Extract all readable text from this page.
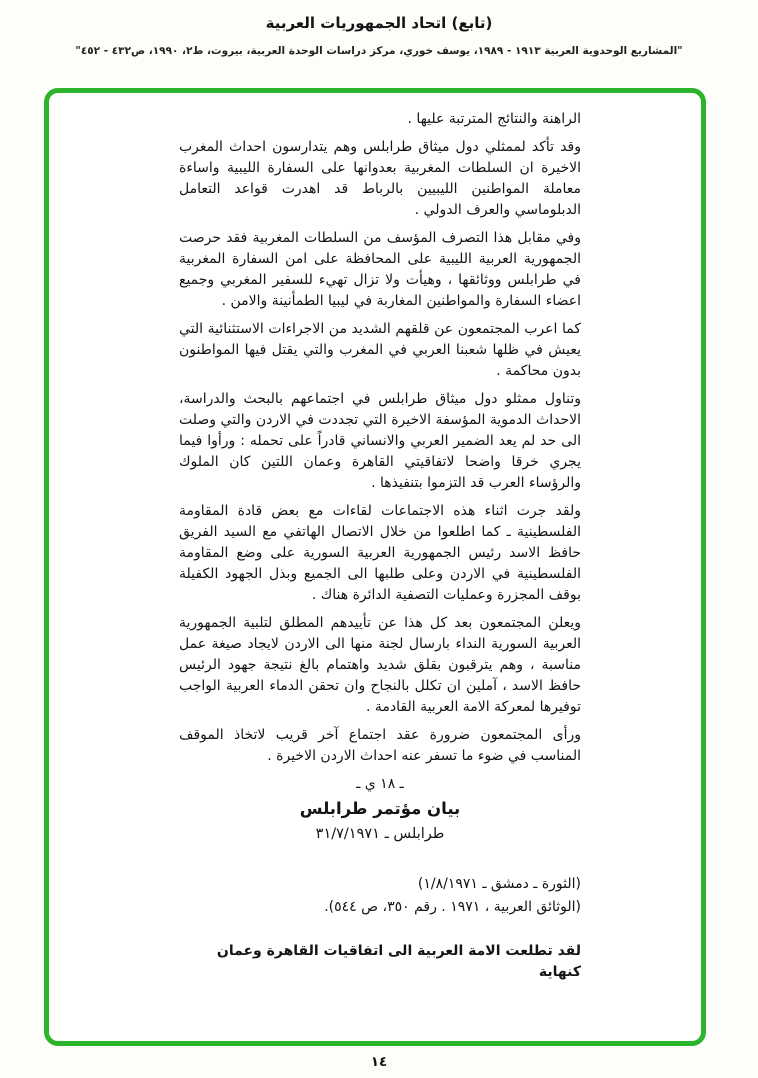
(تابع) اتحاد الجمهوريات العربية
"المشاريع الوحدوية العربية ١٩١٣ - ١٩٨٩، يوسف خوري، مركز دراسات الوحدة العربية، بيروت، ط٢، ١٩٩٠، ص٤٣٢ - ٤٥٢"

الراهنة والنتائج المترتبة عليها .

وقد تأكد لممثلي دول ميثاق طرابلس وهم يتدارسون احداث المغرب الاخيرة ان السلطات المغربية بعدوانها على السفارة الليبية واساءة معاملة المواطنين الليبيين بالرباط قد اهدرت قواعد التعامل الدبلوماسي والعرف الدولي .

وفي مقابل هذا التصرف المؤسف من السلطات المغربية فقد حرصت الجمهورية العربية الليبية على المحافظة على امن السفارة المغربية في طرابلس ووثائقها ، وهيأت ولا تزال تهيء للسفير المغربي وجميع اعضاء السفارة والمواطنين المغاربة في ليبيا الطمأنينة والامن .

كما اعرب المجتمعون عن قلقهم الشديد من الاجراءات الاستثنائية التي يعيش في ظلها شعبنا العربي في المغرب والتي يقتل فيها المواطنون بدون محاكمة .

وتناول ممثلو دول ميثاق طرابلس في اجتماعهم بالبحث والدراسة، الاحداث الدموية المؤسفة الاخيرة التي تجددت في الاردن والتي وصلت الى حد لم يعد الضمير العربي والانساني قادراً على تحمله : ورأوا فيما يجري خرقا واضحا لاتفاقيتي القاهرة وعمان اللتين كان الملوك والرؤساء العرب قد التزموا بتنفيذها .

ولقد جرت اثناء هذه الاجتماعات لقاءات مع بعض قادة المقاومة الفلسطينية ـ كما اطلعوا من خلال الاتصال الهاتفي مع السيد الفريق حافظ الاسد رئيس الجمهورية العربية السورية على وضع المقاومة الفلسطينية في الاردن وعلى طلبها الى الجميع وبذل الجهود الكفيلة بوقف المجزرة وعمليات التصفية الدائرة هناك .

ويعلن المجتمعون بعد كل هذا عن تأييدهم المطلق لتلبية الجمهورية العربية السورية النداء بارسال لجنة منها الى الاردن لايجاد صيغة عمل مناسبة ، وهم يترقبون بقلق شديد واهتمام بالغ نتيجة جهود الرئيس حافظ الاسد ، آملين ان تكلل بالنجاح وان تحقن الدماء العربية الواجب توفيرها لمعركة الامة العربية القادمة .

ورأى المجتمعون ضرورة عقد اجتماع آخر قريب لاتخاذ الموقف المناسب في ضوء ما تسفر عنه احداث الاردن الاخيرة .

ـ ١٨ ي ـ
بيان مؤتمر طرابلس
طرابلس ـ ٣١/٧/١٩٧١
(الثورة ـ دمشق ـ ١/٨/١٩٧١)
(الوثائق العربية ، ١٩٧١ . رقم ٣٥٠، ص ٥٤٤).

لقد تطلعت الامة العربية الى اتفاقيات القاهرة وعمان كنهاية

١٤
